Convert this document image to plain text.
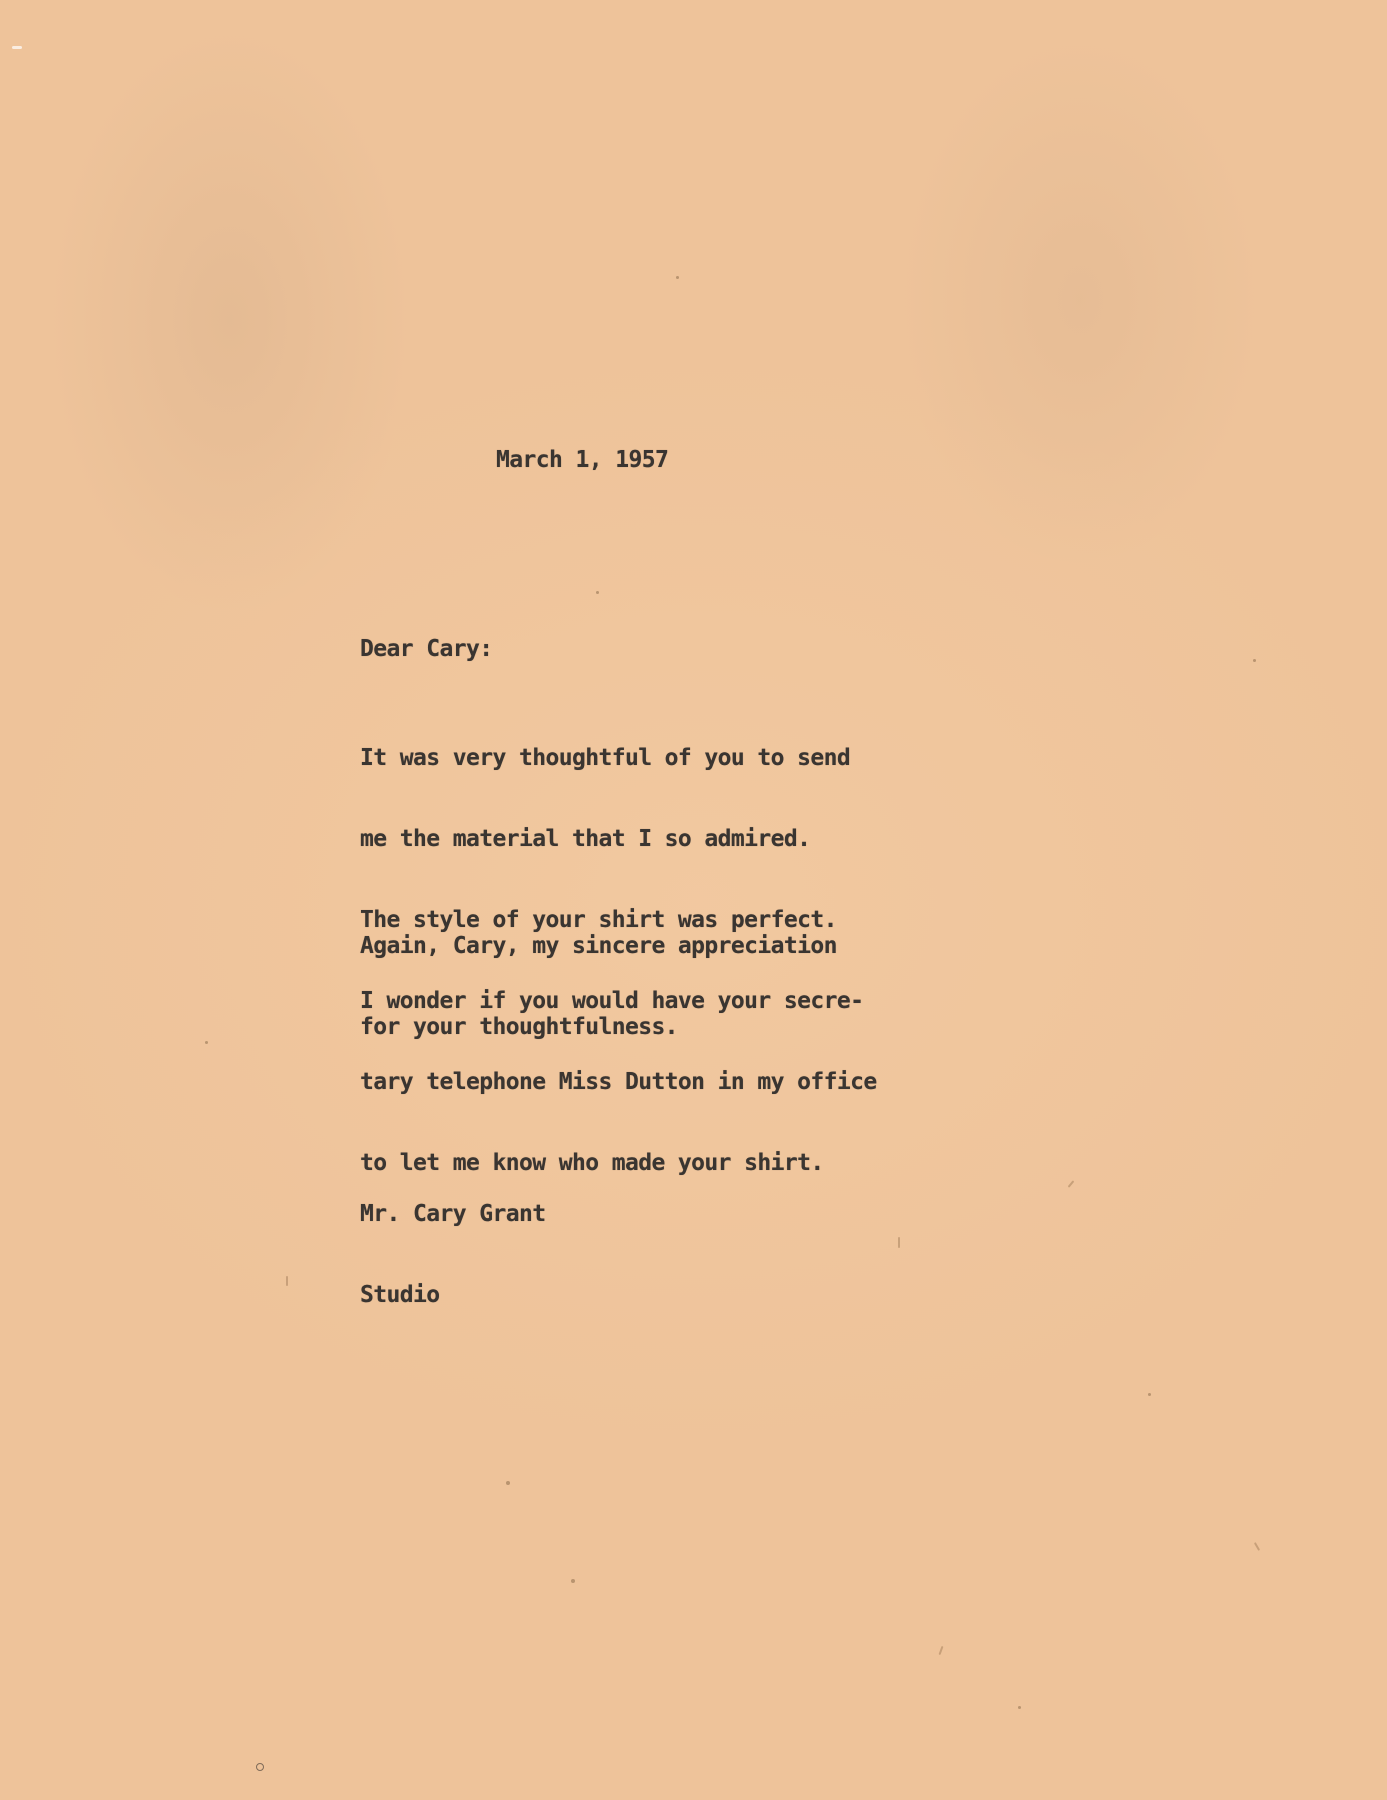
March 1, 1957
Dear Cary:

It was very thoughtful of you to send

me the material that I so admired.

The style of your shirt was perfect.

I wonder if you would have your secre-

tary telephone Miss Dutton in my office

to let me know who made your shirt.

Again, Cary, my sincere appreciation

for your thoughtfulness.

Mr. Cary Grant

Studio
